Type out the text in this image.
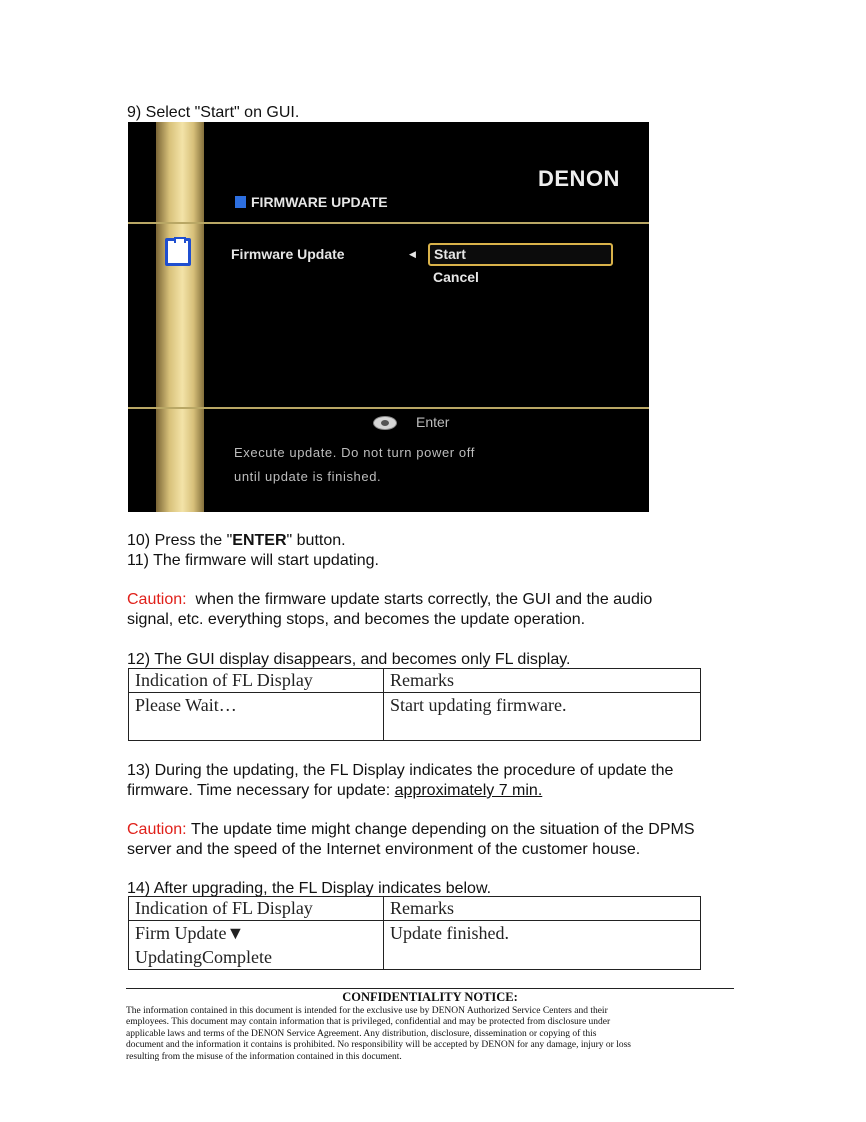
9) Select "Start" on GUI.
DENON
FIRMWARE UPDATE
Firmware Update	◀	Start
Cancel
Enter
Execute update. Do not turn power off
until update is finished.
10) Press the "ENTER" button.
11) The firmware will start updating.
Caution: when the firmware update starts correctly, the GUI and the audio
signal, etc. everything stops, and becomes the update operation.
12) The GUI display disappears, and becomes only FL display.
Indication of FL Display	Remarks
Please Wait…	Start updating firmware.
13) During the updating, the FL Display indicates the procedure of update the
firmware. Time necessary for update: approximately 7 min.
Caution: The update time might change depending on the situation of the DPMS
server and the speed of the Internet environment of the customer house.
14) After upgrading, the FL Display indicates below.
Indication of FL Display	Remarks

Firm Update▼
UpdatingComplete	Update finished.
CONFIDENTIALITY NOTICE:
The information contained in this document is intended for the exclusive use by DENON Authorized Service Centers and their
employees. This document may contain information that is privileged, confidential and may be protected from disclosure under
applicable laws and terms of the DENON Service Agreement. Any distribution, disclosure, dissemination or copying of this
document and the information it contains is prohibited. No responsibility will be accepted by DENON for any damage, injury or loss
resulting from the misuse of the information contained in this document.
